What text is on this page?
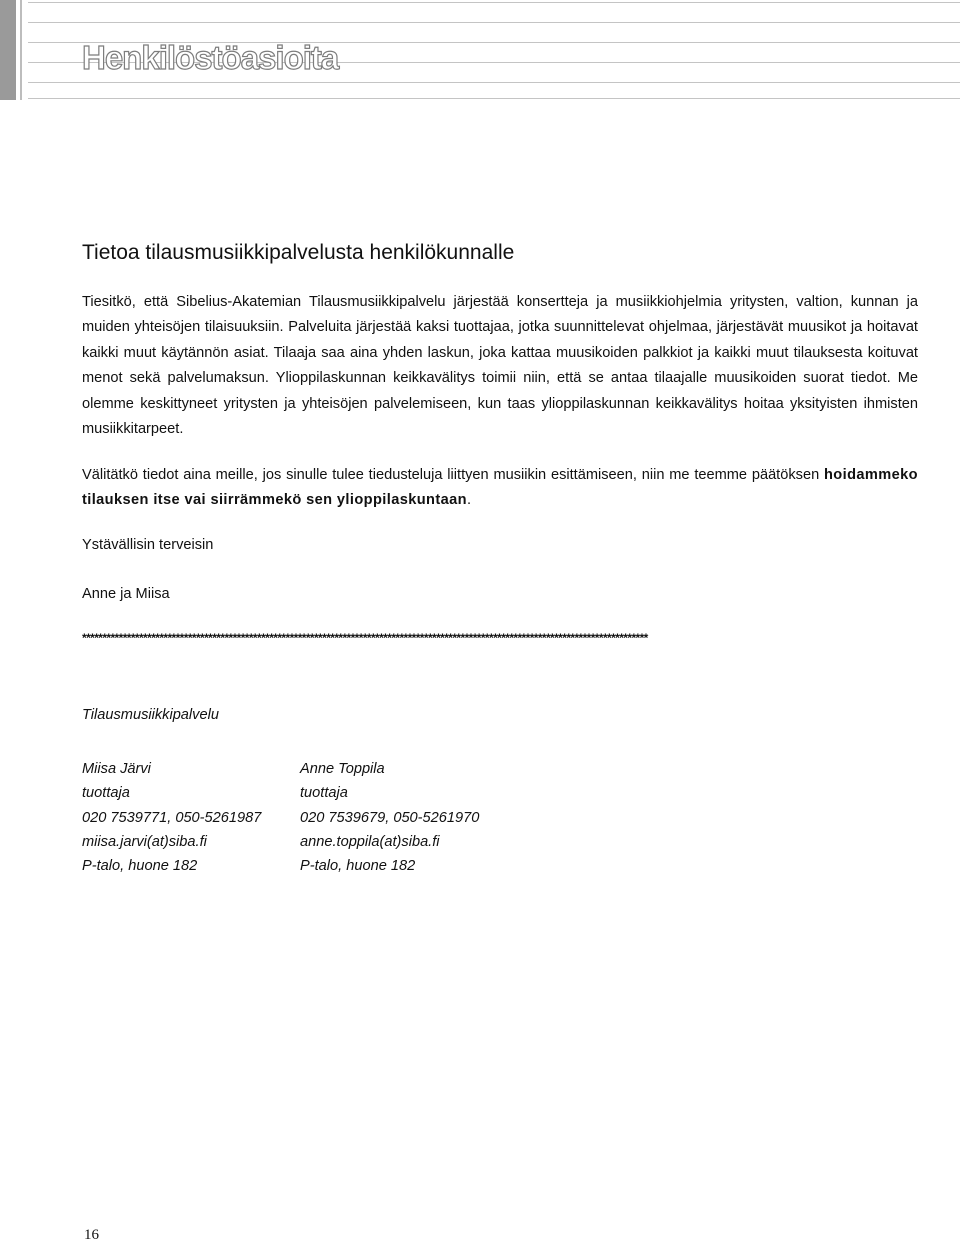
Henkilöstöasioita
Tietoa tilausmusiikkipalvelusta henkilökunnalle

Tiesitkö, että Sibelius-Akatemian Tilausmusiikkipalvelu järjestää konsertteja ja musiikkiohjelmia yritysten, valtion, kunnan ja muiden yhteisöjen tilaisuuksiin. Palveluita järjestää kaksi tuottajaa, jotka suunnittelevat ohjelmaa, järjestävät muusikot ja hoitavat kaikki muut käytännön asiat. Tilaaja saa aina yhden laskun, joka kattaa muusikoiden palkkiot ja kaikki muut tilauksesta koituvat menot sekä palvelumaksun. Ylioppilaskunnan keikkavälitys toimii niin, että se antaa tilaajalle muusikoiden suorat tiedot. Me olemme keskittyneet yritysten ja yhteisöjen palvelemiseen, kun taas ylioppilaskunnan keikkavälitys hoitaa yksityisten ihmisten musiikkitarpeet.

Välitätkö tiedot aina meille, jos sinulle tulee tiedusteluja liittyen musiikin esittämiseen, niin me teemme päätöksen hoidammeko tilauksen itse vai siirrämmekö sen ylioppilaskuntaan.

Ystävällisin terveisin

Anne ja Miisa

*******************************************************************************************************************************************

Tilausmusiikkipalvelu

Miisa Järvi
tuottaja
020 7539771, 050-5261987
miisa.jarvi(at)siba.fi
P-talo, huone 182
Anne Toppila
tuottaja
020 7539679, 050-5261970
anne.toppila(at)siba.fi
P-talo, huone 182

16
